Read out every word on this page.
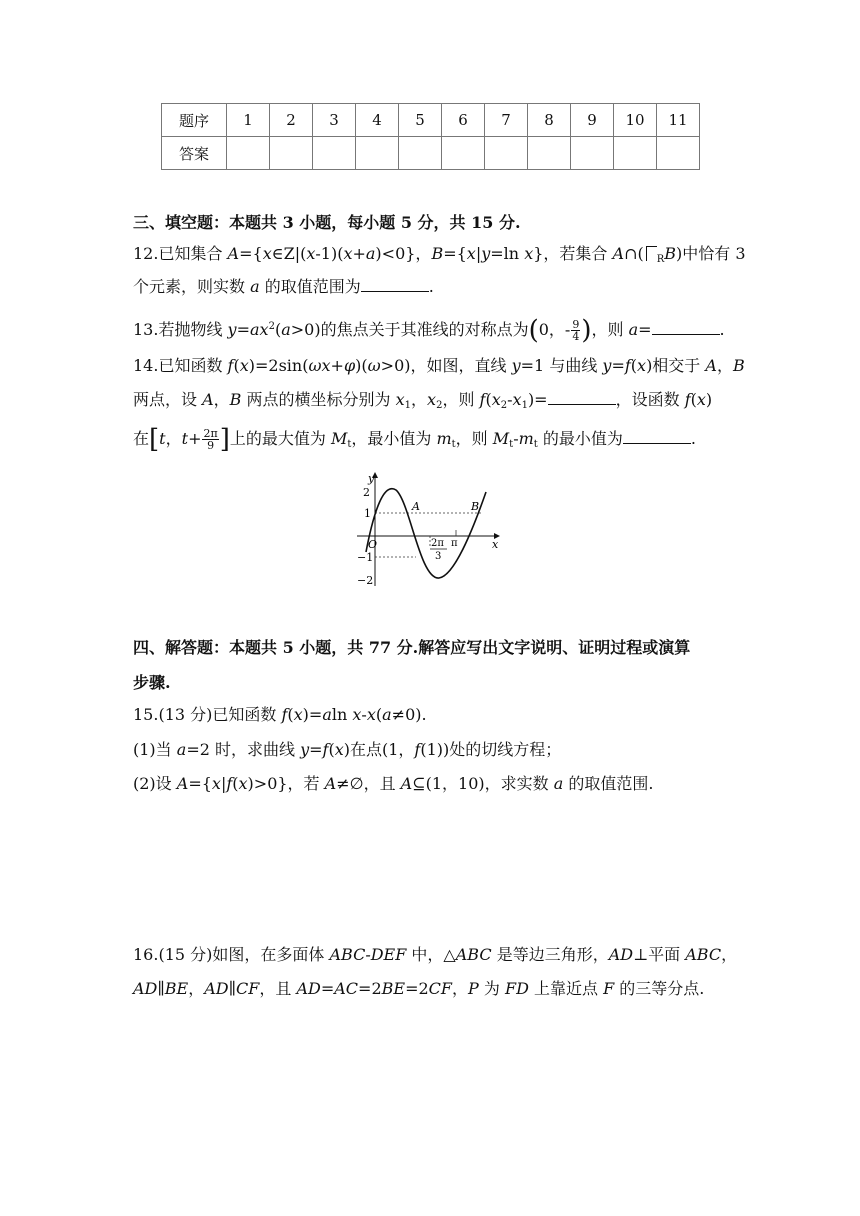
题序	1	2	3	4	5	6	7	8	9	10	11
答案											
三、填空题：本题共 3 小题，每小题 5 分，共 15 分.
12.已知集合 A={x∈Z|(x-1)(x+a)<0}，B={x|y=ln x}，若集合 A∩( $_R$B)中恰有 3
个元素，则实数 a 的取值范围为	.
13.若抛物线 $y=ax^2(a>0)$的焦点关于其准线的对称点为(0，- $\frac{9}{4}$ )，则 a=	.
14.已知函数 f(x)=2sin(ωx+φ)(ω>0)，如图，直线 y=1 与曲线 y=f(x)相交于 A，B
两点，设 A，B 两点的横坐标分别为 $x_1$，$x_2$，则 $f(x_2-x_1)=$	，设函数 f(x)
在[t，$t+ \frac{2\pi}{9}$ ]上的最大值为 $M_t$，最小值为 $m_t$，则 $M_t-m_t$ 的最小值为	.
y
x
O
2
1
−1
−2
A	B
2π
3
π
四、解答题：本题共 5 小题，共 77 分.解答应写出文字说明、证明过程或演算
步骤.
15.(13 分)已知函数 f(x)=aln x-x(a≠0).
(1)当 a=2 时，求曲线 y=f(x)在点(1，f(1))处的切线方程；
(2)设 A={x|f(x)>0}，若 A≠∅，且 A⊆(1，10)，求实数 a 的取值范围.
16.(15 分)如图，在多面体 ABC-DEF 中，△ABC 是等边三角形，AD⊥平面 ABC，
AD∥BE，AD∥CF，且 AD=AC=2BE=2CF，P 为 FD 上靠近点 F 的三等分点.
